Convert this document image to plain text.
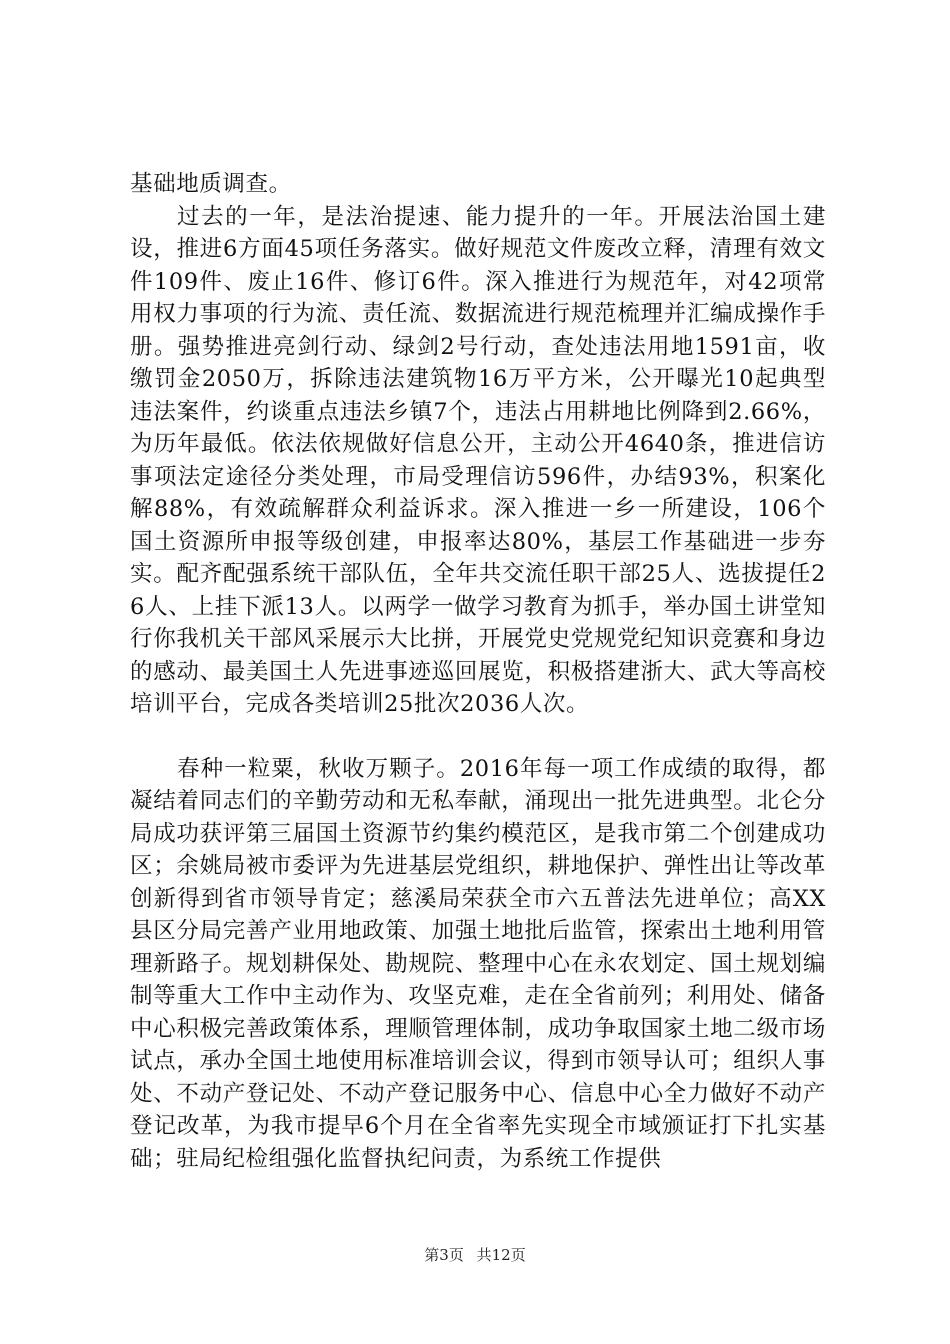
基础地质调查。

过去的一年，是法治提速、能力提升的一年。开展法治国土建设，推进6方面45项任务落实。做好规范文件废改立释，清理有效文件109件、废止16件、修订6件。深入推进行为规范年，对42项常用权力事项的行为流、责任流、数据流进行规范梳理并汇编成操作手册。强势推进亮剑行动、绿剑2号行动，查处违法用地1591亩，收缴罚金2050万，拆除违法建筑物16万平方米，公开曝光10起典型违法案件，约谈重点违法乡镇7个，违法占用耕地比例降到2.66%，为历年最低。依法依规做好信息公开，主动公开4640条，推进信访事项法定途径分类处理，市局受理信访596件，办结93%，积案化解88%，有效疏解群众利益诉求。深入推进一乡一所建设，106个国土资源所申报等级创建，申报率达80%，基层工作基础进一步夯实。配齐配强系统干部队伍，全年共交流任职干部25人、选拔提任26人、上挂下派13人。以两学一做学习教育为抓手，举办国土讲堂知行你我机关干部风采展示大比拼，开展党史党规党纪知识竞赛和身边的感动、最美国土人先进事迹巡回展览，积极搭建浙大、武大等高校培训平台，完成各类培训25批次2036人次。

春种一粒粟，秋收万颗子。2016年每一项工作成绩的取得，都凝结着同志们的辛勤劳动和无私奉献，涌现出一批先进典型。北仑分局成功获评第三届国土资源节约集约模范区，是我市第二个创建成功区；余姚局被市委评为先进基层党组织，耕地保护、弹性出让等改革创新得到省市领导肯定；慈溪局荣获全市六五普法先进单位；高XX县区分局完善产业用地政策、加强土地批后监管，探索出土地利用管理新路子。规划耕保处、勘规院、整理中心在永农划定、国土规划编制等重大工作中主动作为、攻坚克难，走在全省前列；利用处、储备中心积极完善政策体系，理顺管理体制，成功争取国家土地二级市场试点，承办全国土地使用标准培训会议，得到市领导认可；组织人事处、不动产登记处、不动产登记服务中心、信息中心全力做好不动产登记改革，为我市提早6个月在全省率先实现全市域颁证打下扎实基础；驻局纪检组强化监督执纪问责，为系统工作提供

第3页 共12页
